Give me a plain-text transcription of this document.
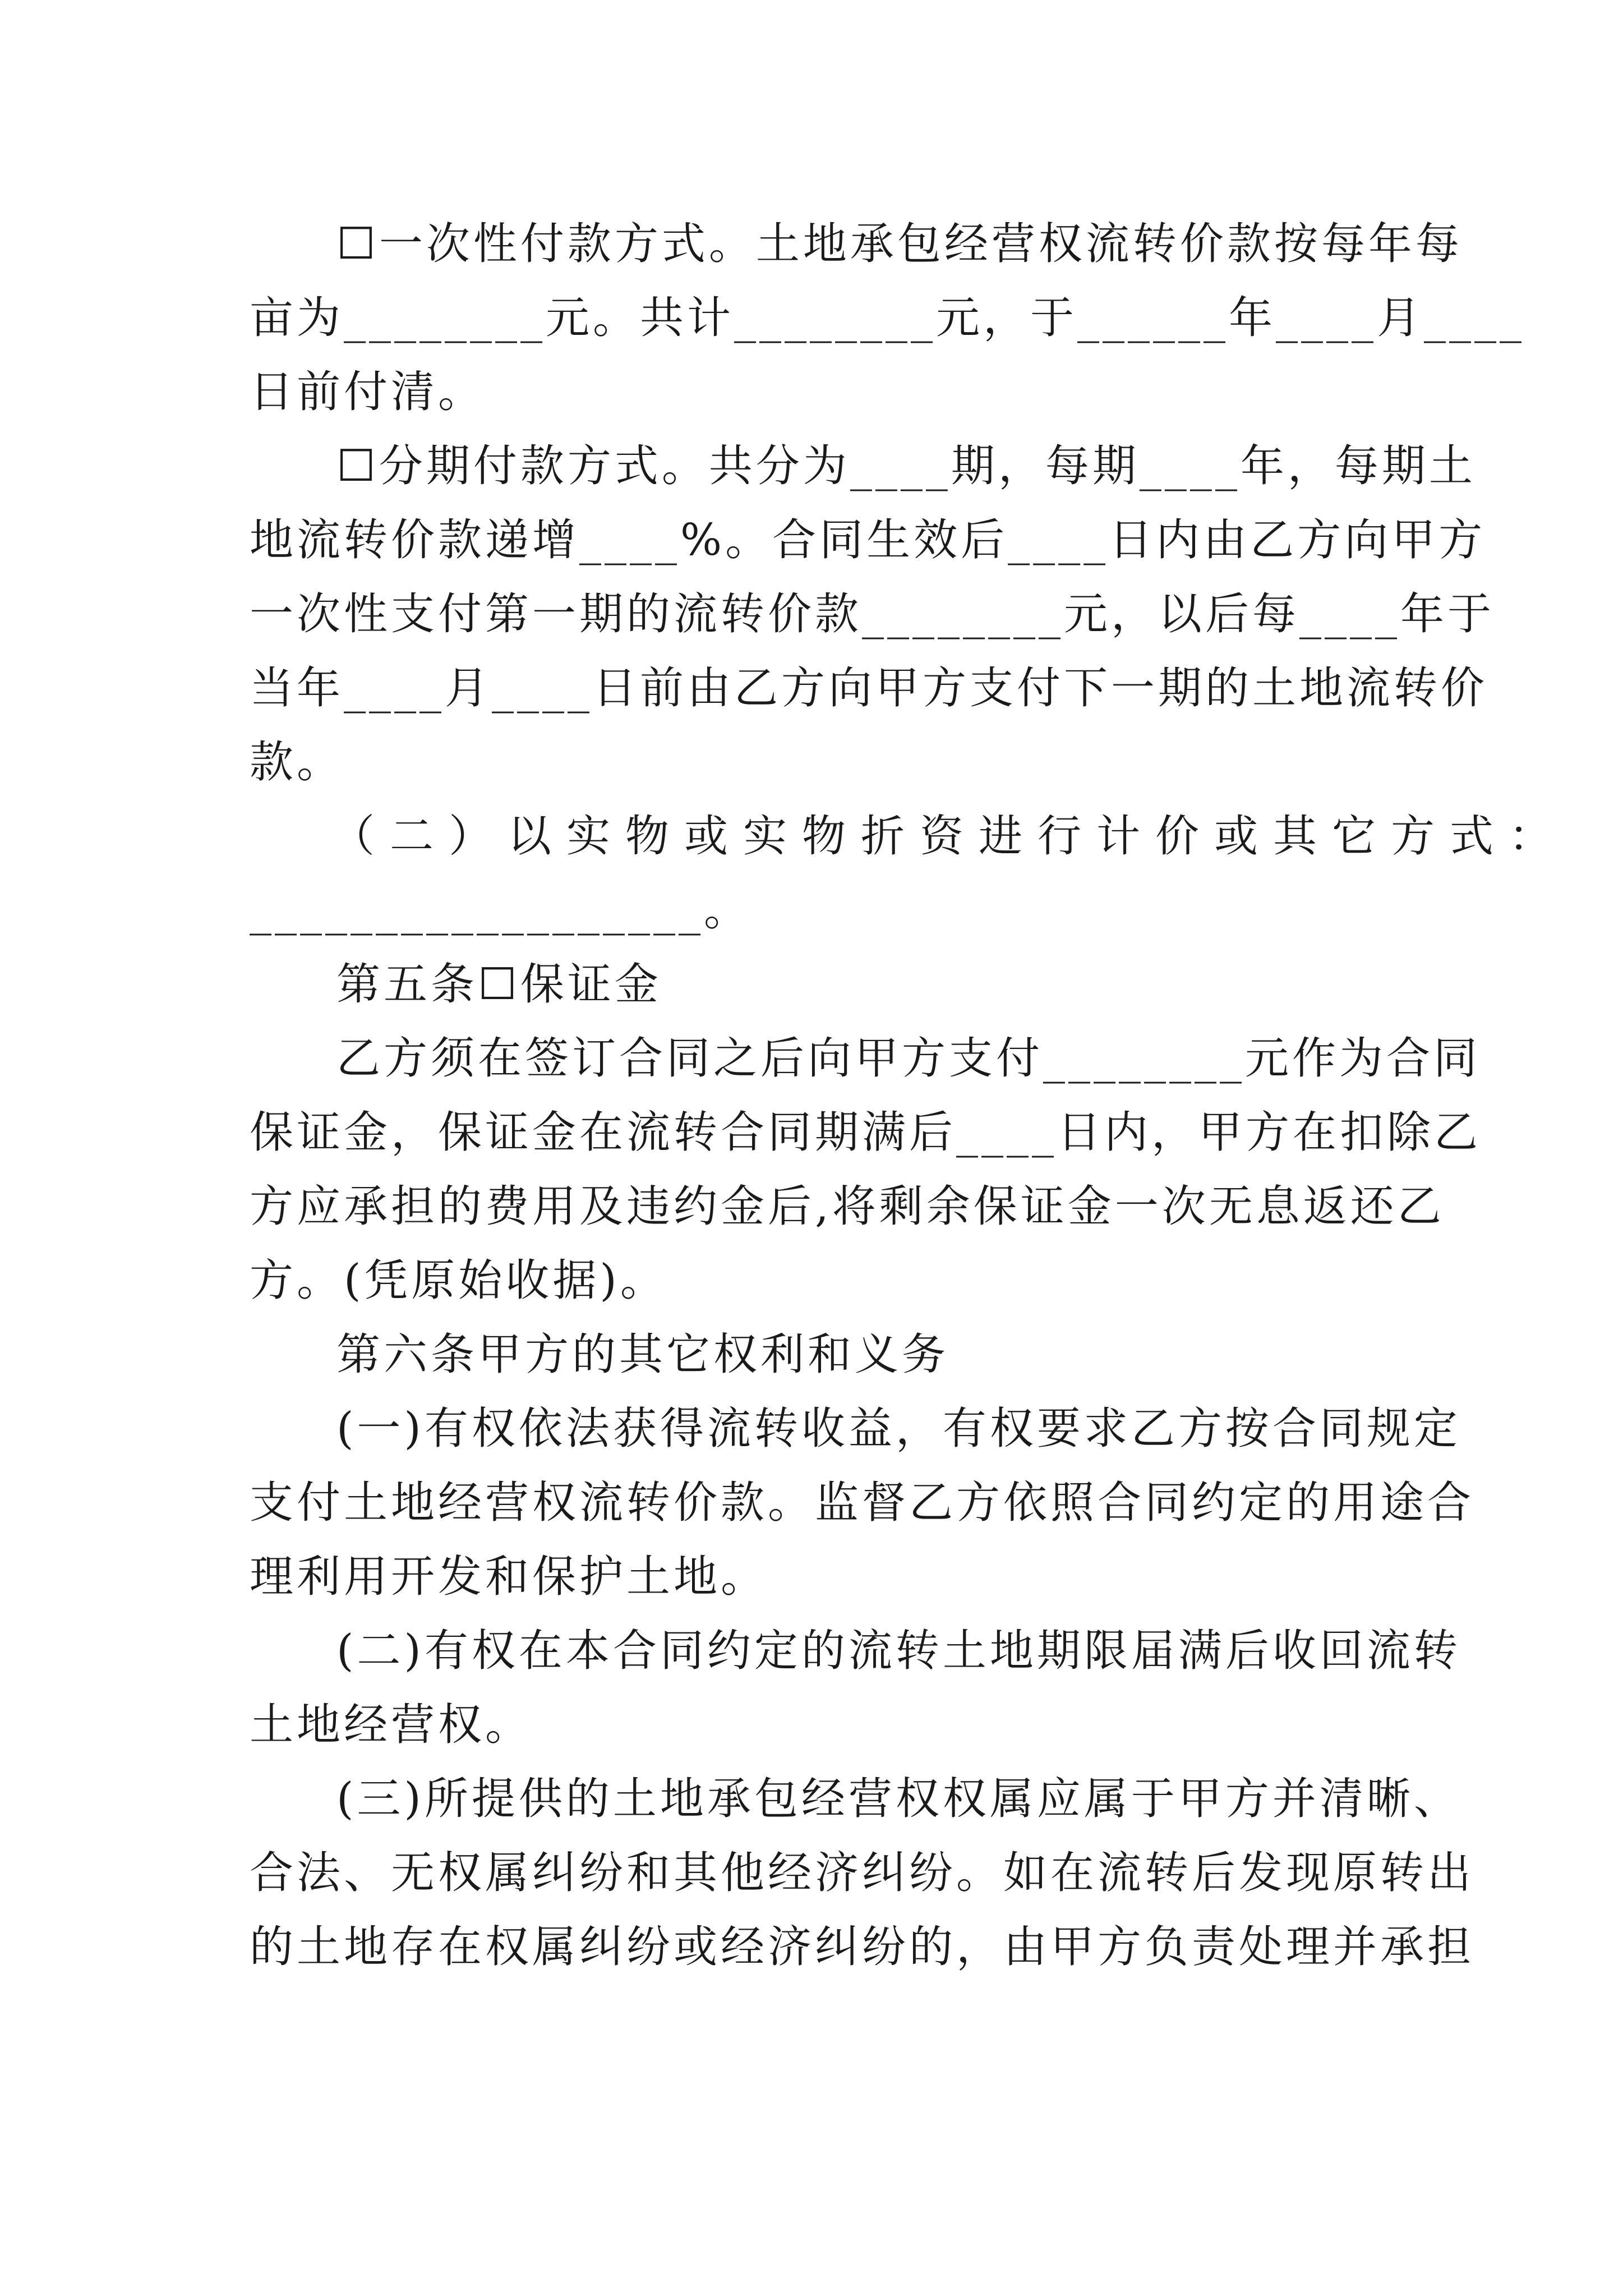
☐一次性付款方式。土地承包经营权流转价款按每年每
亩为________元。共计________元，于______年____月____
日前付清。
☐分期付款方式。共分为____期，每期____年，每期土
地流转价款递增____%。合同生效后____日内由乙方向甲方
一次性支付第一期的流转价款________元，以后每____年于
当年____月____日前由乙方向甲方支付下一期的土地流转价
款。
（二）以实物或实物折资进行计价或其它方式：
__________________。
第五条☐保证金
乙方须在签订合同之后向甲方支付________元作为合同
保证金，保证金在流转合同期满后____日内，甲方在扣除乙
方应承担的费用及违约金后,将剩余保证金一次无息返还乙
方。(凭原始收据)。
第六条甲方的其它权利和义务
(一)有权依法获得流转收益，有权要求乙方按合同规定
支付土地经营权流转价款。监督乙方依照合同约定的用途合
理利用开发和保护土地。
(二)有权在本合同约定的流转土地期限届满后收回流转
土地经营权。
(三)所提供的土地承包经营权权属应属于甲方并清晰、
合法、无权属纠纷和其他经济纠纷。如在流转后发现原转出
的土地存在权属纠纷或经济纠纷的，由甲方负责处理并承担
